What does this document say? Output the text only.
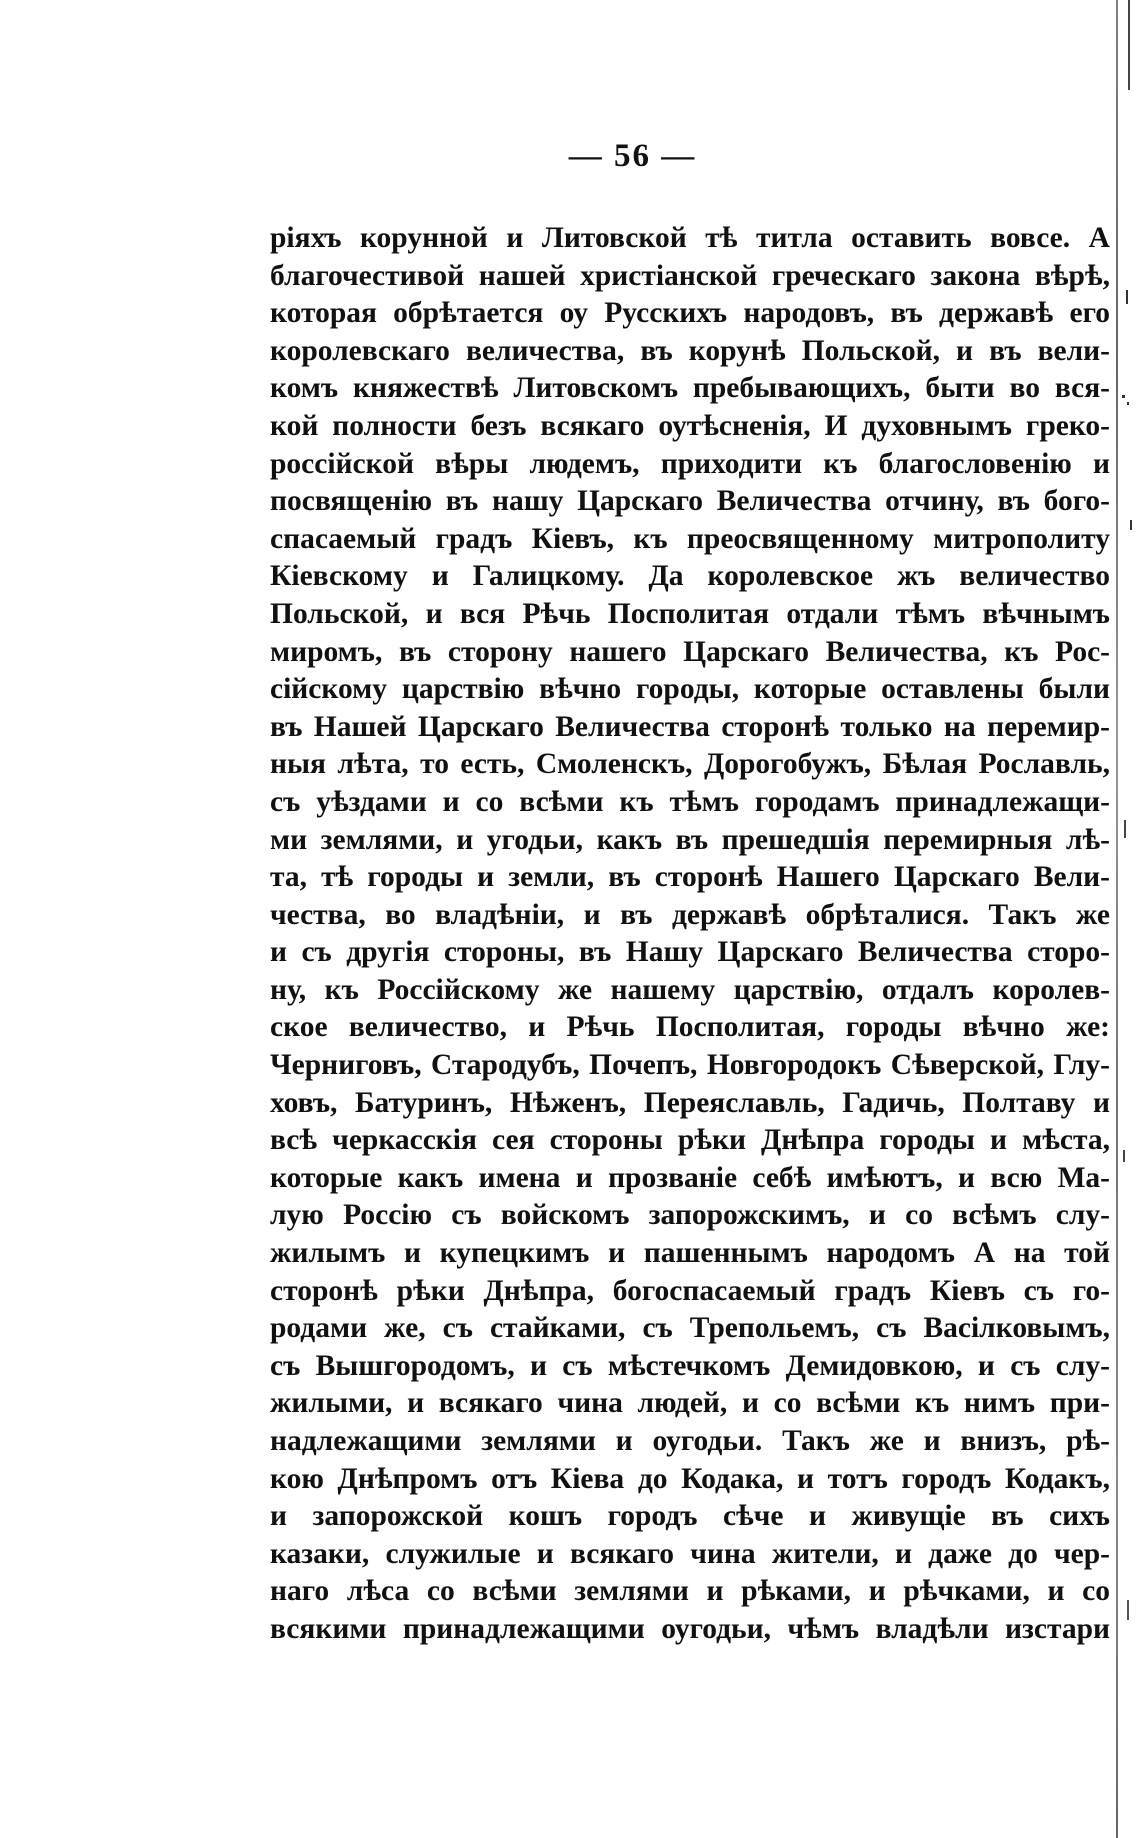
— 56 —
ріяхъ корунной и Литовской тѣ титла оставить вовсе. А
благочестивой нашей христіанской греческаго закона вѣрѣ,
которая обрѣтается оу Русскихъ народовъ, въ державѣ его
королевскаго величества, въ корунѣ Польской, и въ вели-
комъ княжествѣ Литовскомъ пребывающихъ, быти во вся-
кой полности безъ всякаго оутѣсненія, И духовнымъ греко-
россійской вѣры людемъ, приходити къ благословенію и
посвященію въ нашу Царскаго Величества отчину, въ бого-
спасаемый градъ Кіевъ, къ преосвященному митрополиту
Кіевскому и Галицкому. Да королевское жъ величество
Польской, и вся Рѣчь Посполитая отдали тѣмъ вѣчнымъ
миромъ, въ сторону нашего Царскаго Величества, къ Рос-
сійскому царствію вѣчно городы, которые оставлены были
въ Нашей Царскаго Величества сторонѣ только на перемир-
ныя лѣта, то есть, Смоленскъ, Дорогобужъ, Бѣлая Рославль,
съ уѣздами и со всѣми къ тѣмъ городамъ принадлежащи-
ми землями, и угодьи, какъ въ прешедшія перемирныя лѣ-
та, тѣ городы и земли, въ сторонѣ Нашего Царскаго Вели-
чества, во владѣніи, и въ державѣ обрѣталися. Такъ же
и съ другія стороны, въ Нашу Царскаго Величества сторо-
ну, къ Россійскому же нашему царствію, отдалъ королев-
ское величество, и Рѣчь Посполитая, городы вѣчно же:
Черниговъ, Стародубъ, Почепъ, Новгородокъ Сѣверской, Глу-
ховъ, Батуринъ, Нѣженъ, Переяславль, Гадичь, Полтаву и
всѣ черкасскія сея стороны рѣки Днѣпра городы и мѣста,
которые какъ имена и прозваніе себѣ имѣютъ, и всю Ма-
лую Россію съ войскомъ запорожскимъ, и со всѣмъ слу-
жилымъ и купецкимъ и пашеннымъ народомъ А на той
сторонѣ рѣки Днѣпра, богоспасаемый градъ Кіевъ съ го-
родами же, съ стайками, съ Трепольемъ, съ Васілковымъ,
съ Вышгородомъ, и съ мѣстечкомъ Демидовкою, и съ слу-
жилыми, и всякаго чина людей, и со всѣми къ нимъ при-
надлежащими землями и оугодьи. Такъ же и внизъ, рѣ-
кою Днѣпромъ отъ Кіева до Кодака, и тотъ городъ Кодакъ,
и запорожской кошъ городъ сѣче и живущіе въ сихъ
казаки, служилые и всякаго чина жители, и даже до чер-
наго лѣса со всѣми землями и рѣками, и рѣчками, и со
всякими принадлежащими оугодьи, чѣмъ владѣли изстари
